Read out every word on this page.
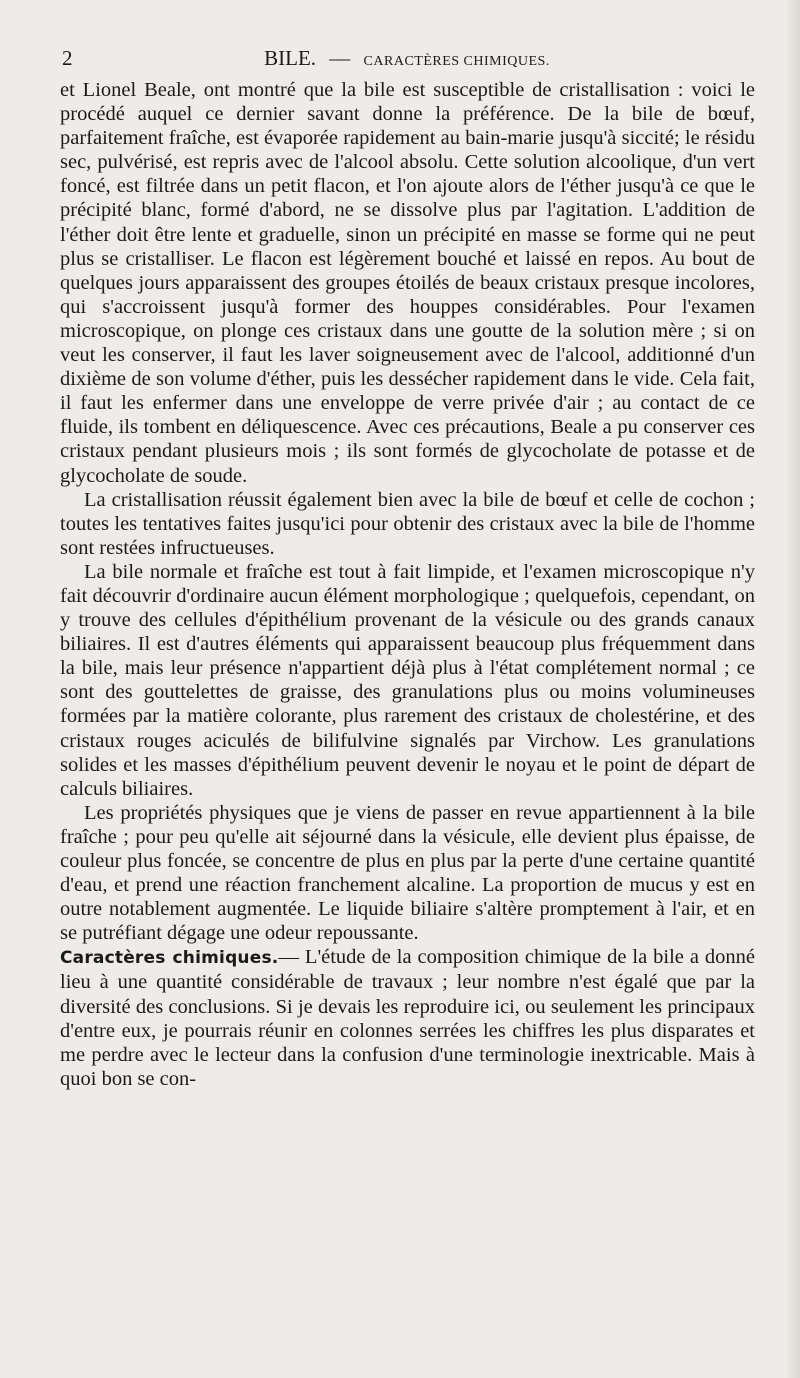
2	BILE. — CARACTÈRES CHIMIQUES.

et Lionel Beale, ont montré que la bile est susceptible de cristallisation : voici le procédé auquel ce dernier savant donne la préférence. De la bile de bœuf, parfaitement fraîche, est évaporée rapidement au bain-marie jusqu'à siccité; le résidu sec, pulvérisé, est repris avec de l'alcool absolu. Cette solution alcoolique, d'un vert foncé, est filtrée dans un petit flacon, et l'on ajoute alors de l'éther jusqu'à ce que le précipité blanc, formé d'abord, ne se dissolve plus par l'agitation. L'addition de l'éther doit être lente et graduelle, sinon un précipité en masse se forme qui ne peut plus se cristalliser. Le flacon est légèrement bouché et laissé en repos. Au bout de quelques jours apparaissent des groupes étoilés de beaux cristaux presque incolores, qui s'accroissent jusqu'à former des houppes considérables. Pour l'examen microscopique, on plonge ces cristaux dans une goutte de la solution mère ; si on veut les conserver, il faut les laver soigneusement avec de l'alcool, additionné d'un dixième de son volume d'éther, puis les dessécher rapidement dans le vide. Cela fait, il faut les enfermer dans une enveloppe de verre privée d'air ; au contact de ce fluide, ils tombent en déliquescence. Avec ces précautions, Beale a pu conserver ces cristaux pendant plusieurs mois ; ils sont formés de glycocholate de potasse et de glycocholate de soude.

La cristallisation réussit également bien avec la bile de bœuf et celle de cochon ; toutes les tentatives faites jusqu'ici pour obtenir des cristaux avec la bile de l'homme sont restées infructueuses.

La bile normale et fraîche est tout à fait limpide, et l'examen microscopique n'y fait découvrir d'ordinaire aucun élément morphologique ; quelquefois, cependant, on y trouve des cellules d'épithélium provenant de la vésicule ou des grands canaux biliaires. Il est d'autres éléments qui apparaissent beaucoup plus fréquemment dans la bile, mais leur présence n'appartient déjà plus à l'état complétement normal ; ce sont des gouttelettes de graisse, des granulations plus ou moins volumineuses formées par la matière colorante, plus rarement des cristaux de cholestérine, et des cristaux rouges aciculés de bilifulvine signalés par Virchow. Les granulations solides et les masses d'épithélium peuvent devenir le noyau et le point de départ de calculs biliaires.

Les propriétés physiques que je viens de passer en revue appartiennent à la bile fraîche ; pour peu qu'elle ait séjourné dans la vésicule, elle devient plus épaisse, de couleur plus foncée, se concentre de plus en plus par la perte d'une certaine quantité d'eau, et prend une réaction franchement alcaline. La proportion de mucus y est en outre notablement augmentée. Le liquide biliaire s'altère promptement à l'air, et en se putréfiant dégage une odeur repoussante.

Caractères chimiques.— L'étude de la composition chimique de la bile a donné lieu à une quantité considérable de travaux ; leur nombre n'est égalé que par la diversité des conclusions. Si je devais les reproduire ici, ou seulement les principaux d'entre eux, je pourrais réunir en colonnes serrées les chiffres les plus disparates et me perdre avec le lecteur dans la confusion d'une terminologie inextricable. Mais à quoi bon se con-
